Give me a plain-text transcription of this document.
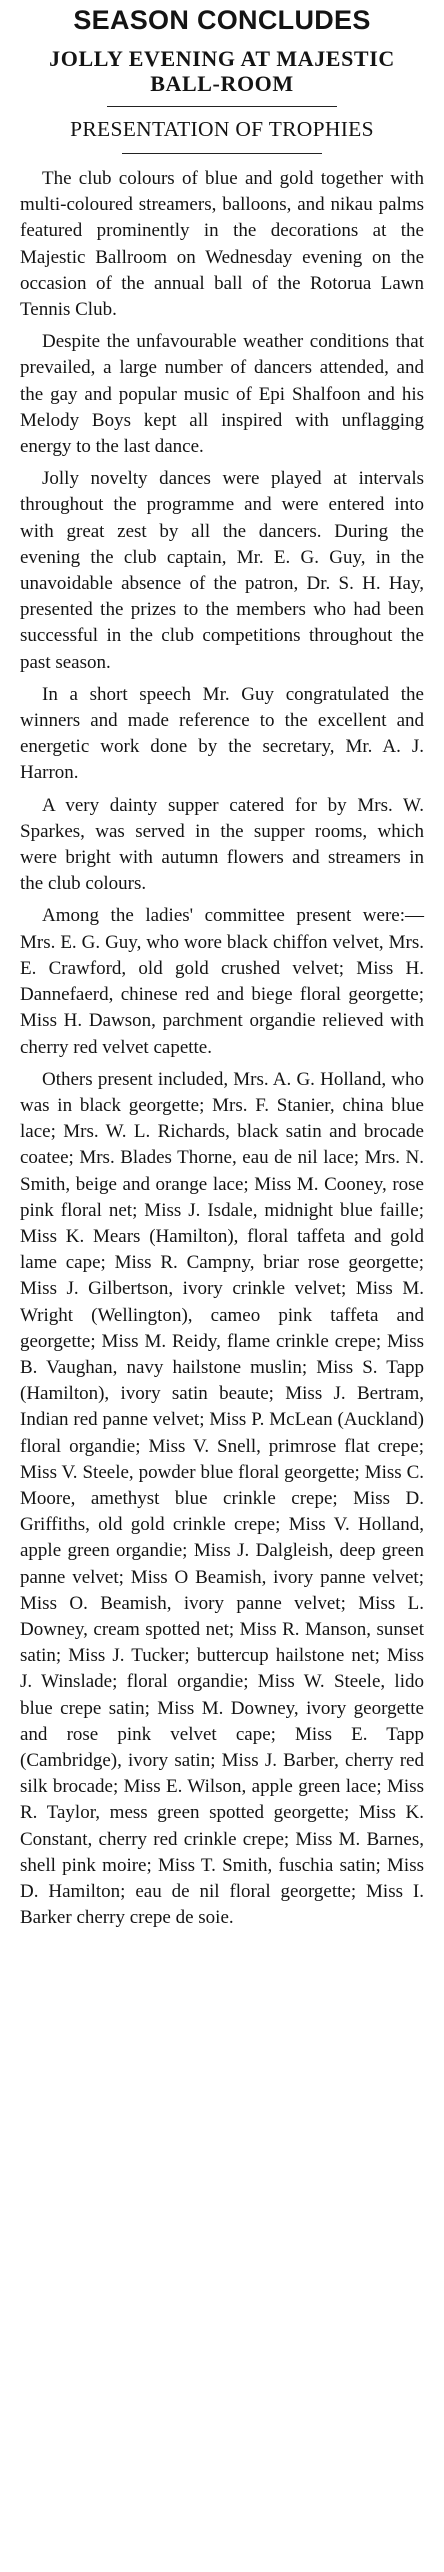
SEASON CONCLUDES
JOLLY EVENING AT MAJESTIC BALL-ROOM
PRESENTATION OF TROPHIES

The club colours of blue and gold together with multi-coloured streamers, balloons, and nikau palms featured prominently in the decorations at the Majestic Ballroom on Wednesday evening on the occasion of the annual ball of the Rotorua Lawn Tennis Club.

Despite the unfavourable weather conditions that prevailed, a large number of dancers attended, and the gay and popular music of Epi Shalfoon and his Melody Boys kept all inspired with unflagging energy to the last dance.

Jolly novelty dances were played at intervals throughout the programme and were entered into with great zest by all the dancers. During the evening the club captain, Mr. E. G. Guy, in the unavoidable absence of the patron, Dr. S. H. Hay, presented the prizes to the members who had been successful in the club competitions throughout the past season.

In a short speech Mr. Guy congratulated the winners and made reference to the excellent and energetic work done by the secretary, Mr. A. J. Harron.

A very dainty supper catered for by Mrs. W. Sparkes, was served in the supper rooms, which were bright with autumn flowers and streamers in the club colours.

Among the ladies' committee present were:—Mrs. E. G. Guy, who wore black chiffon velvet, Mrs. E. Crawford, old gold crushed velvet; Miss H. Dannefaerd, chinese red and biege floral georgette; Miss H. Dawson, parchment organdie relieved with cherry red velvet capette.

Others present included, Mrs. A. G. Holland, who was in black georgette; Mrs. F. Stanier, china blue lace; Mrs. W. L. Richards, black satin and brocade coatee; Mrs. Blades Thorne, eau de nil lace; Mrs. N. Smith, beige and orange lace; Miss M. Cooney, rose pink floral net; Miss J. Isdale, midnight blue faille; Miss K. Mears (Hamilton), floral taffeta and gold lame cape; Miss R. Campny, briar rose georgette; Miss J. Gilbertson, ivory crinkle velvet; Miss M. Wright (Wellington), cameo pink taffeta and georgette; Miss M. Reidy, flame crinkle crepe; Miss B. Vaughan, navy hailstone muslin; Miss S. Tapp (Hamilton), ivory satin beaute; Miss J. Bertram, Indian red panne velvet; Miss P. McLean (Auckland) floral organdie; Miss V. Snell, primrose flat crepe; Miss V. Steele, powder blue floral georgette; Miss C. Moore, amethyst blue crinkle crepe; Miss D. Griffiths, old gold crinkle crepe; Miss V. Holland, apple green organdie; Miss J. Dalgleish, deep green panne velvet; Miss O Beamish, ivory panne velvet; Miss O. Beamish, ivory panne velvet; Miss L. Downey, cream spotted net; Miss R. Manson, sunset satin; Miss J. Tucker; buttercup hailstone net; Miss J. Winslade; floral organdie; Miss W. Steele, lido blue crepe satin; Miss M. Downey, ivory georgette and rose pink velvet cape; Miss E. Tapp (Cambridge), ivory satin; Miss J. Barber, cherry red silk brocade; Miss E. Wilson, apple green lace; Miss R. Taylor, mess green spotted georgette; Miss K. Constant, cherry red crinkle crepe; Miss M. Barnes, shell pink moire; Miss T. Smith, fuschia satin; Miss D. Hamilton; eau de nil floral georgette; Miss I. Barker cherry crepe de soie.
